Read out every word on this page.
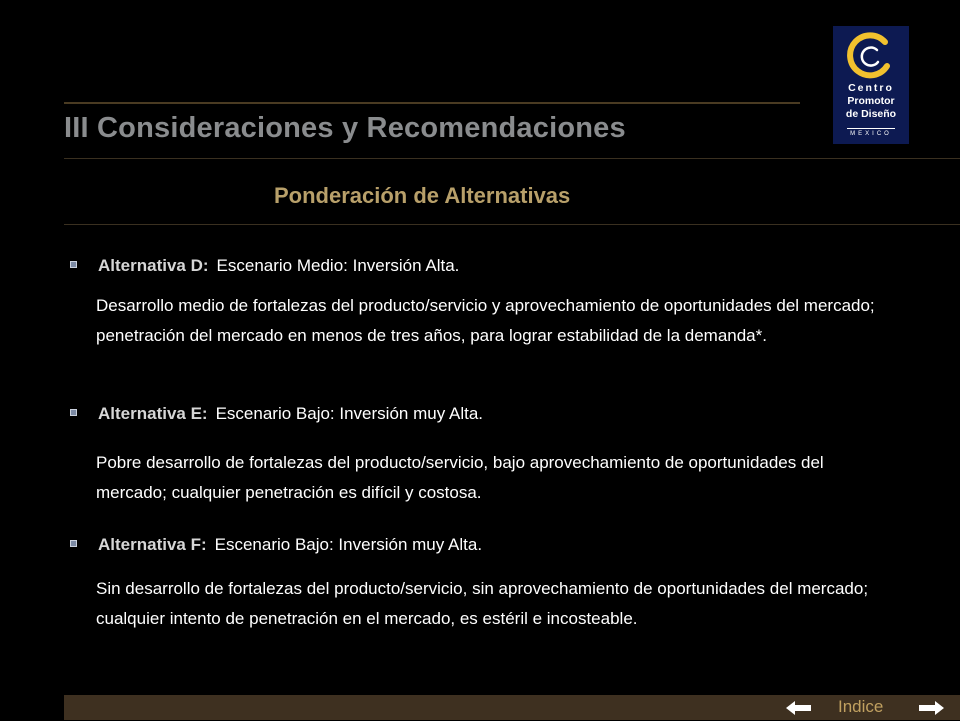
III Consideraciones y Recomendaciones
Ponderación de Alternativas
Centro
Promotor
de Diseño
MEXICO
Alternativa D: Escenario Medio: Inversión Alta.
Desarrollo medio de fortalezas del producto/servicio y aprovechamiento de oportunidades del mercado; penetración del mercado en menos de tres años, para lograr estabilidad de la demanda*.
Alternativa E: Escenario Bajo: Inversión muy Alta.
Pobre desarrollo de fortalezas del producto/servicio, bajo aprovechamiento de oportunidades del mercado; cualquier penetración es difícil y costosa.
Alternativa F: Escenario Bajo: Inversión muy Alta.
Sin desarrollo de fortalezas del producto/servicio, sin aprovechamiento de oportunidades del mercado; cualquier intento de penetración en el mercado, es estéril e incosteable.
Indice
